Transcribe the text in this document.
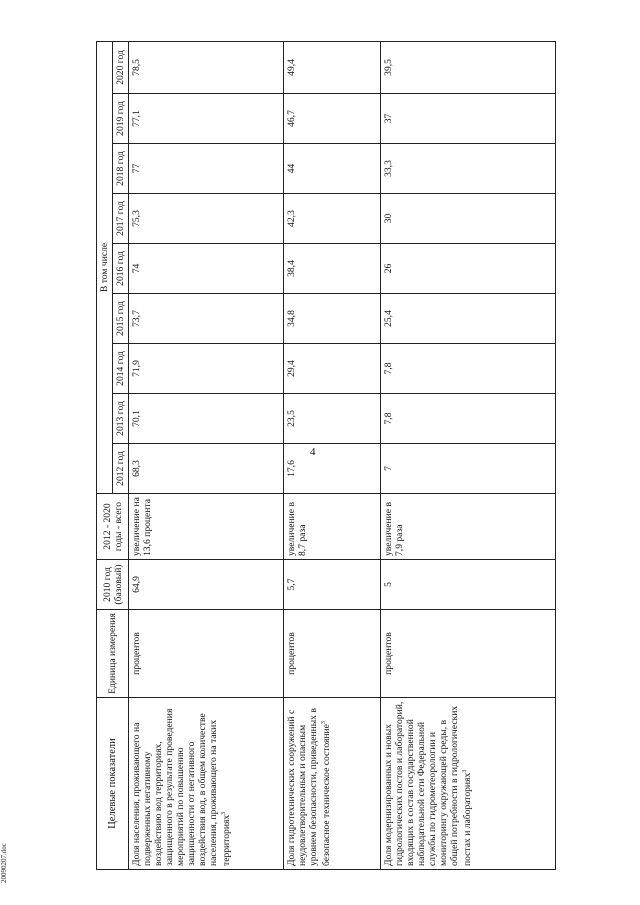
4
20090207.doc
Целевые показатели	Единица измерения	2010 год (базовый)	2012 - 2020 годы - всего	В том числе								
				2012 год	2013 год	2014 год	2015 год	2016 год	2017 год	2018 год	2019 год	2020 год
Доля населения, проживающего на подверженных негативному воздействию вод территориях, защищенного в результате проведения мероприятий по повышению защищенности от негативного воздействия вод, в общем количестве населения, проживающего на таких территориях$^3$	процентов	64,9	увеличение на 13,6 процента	68,3	70,1	71,9	73,7	74	75,3	77	77,1	78,5
Доля гидротехнических сооружений с неудовлетворительным и опасным уровнем безопасности, приведенных в безопасное техническое состояние$^3$	процентов	5,7	увеличение в 8,7 раза	17,6	23,5	29,4	34,8	38,4	42,3	44	46,7	49,4
Доля модернизированных и новых гидрологических постов и лабораторий, входящих в состав государственной наблюдательной сети Федеральной службы по гидрометеорологии и мониторингу окружающей среды, в общей потребности в гидрологических постах и лабораториях$^3$	процентов	5	увеличение в 7,9 раза	7	7,8	7,8	25,4	26	30	33,3	37	39,5
